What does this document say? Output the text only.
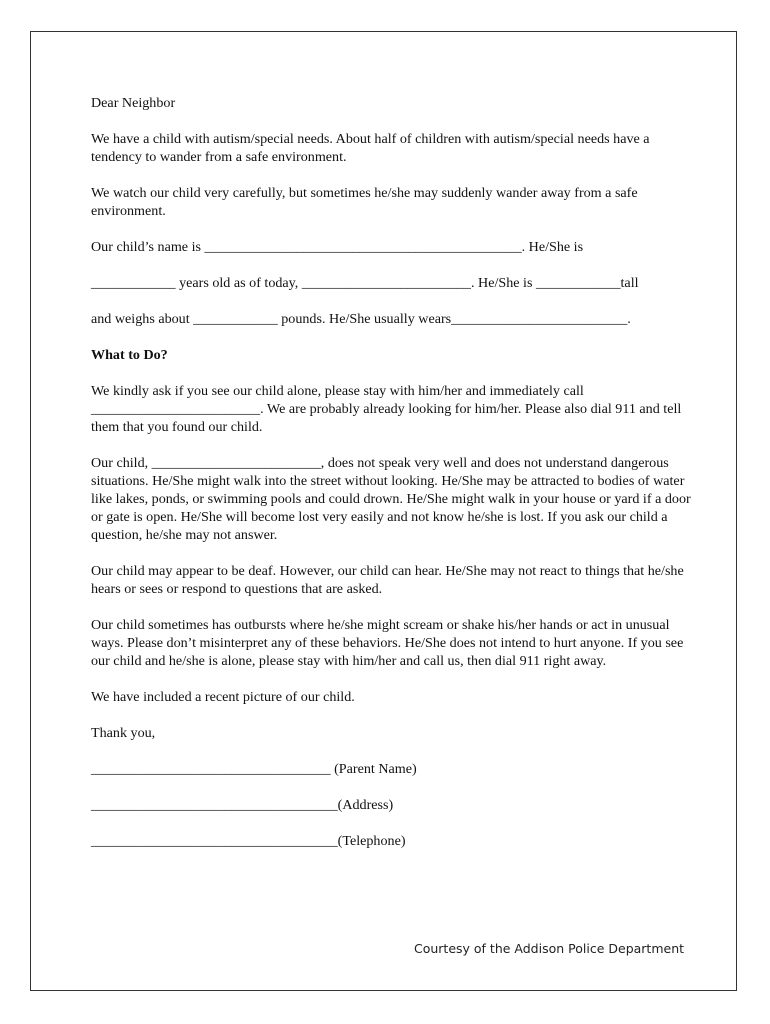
Dear Neighbor

We have a child with autism/special needs. About half of children with autism/special needs have a tendency to wander from a safe environment.

We watch our child very carefully, but sometimes he/she may suddenly wander away from a safe environment.

Our child’s name is _____________________________________________. He/She is

____________ years old as of today, ________________________. He/She is ____________tall

and weighs about ____________ pounds. He/She usually wears_________________________.

What to Do?

We kindly ask if you see our child alone, please stay with him/her and immediately call ________________________. We are probably already looking for him/her. Please also dial 911 and tell them that you found our child.

Our child, ________________________, does not speak very well and does not understand dangerous situations. He/She might walk into the street without looking. He/She may be attracted to bodies of water like lakes, ponds, or swimming pools and could drown. He/She might walk in your house or yard if a door or gate is open. He/She will become lost very easily and not know he/she is lost. If you ask our child a question, he/she may not answer.

Our child may appear to be deaf. However, our child can hear. He/She may not react to things that he/she hears or sees or respond to questions that are asked.

Our child sometimes has outbursts where he/she might scream or shake his/her hands or act in unusual ways. Please don’t misinterpret any of these behaviors. He/She does not intend to hurt anyone. If you see our child and he/she is alone, please stay with him/her and call us, then dial 911 right away.

We have included a recent picture of our child.

Thank you,

__________________________________ (Parent Name)

___________________________________(Address)

___________________________________(Telephone)

Courtesy of the Addison Police Department
